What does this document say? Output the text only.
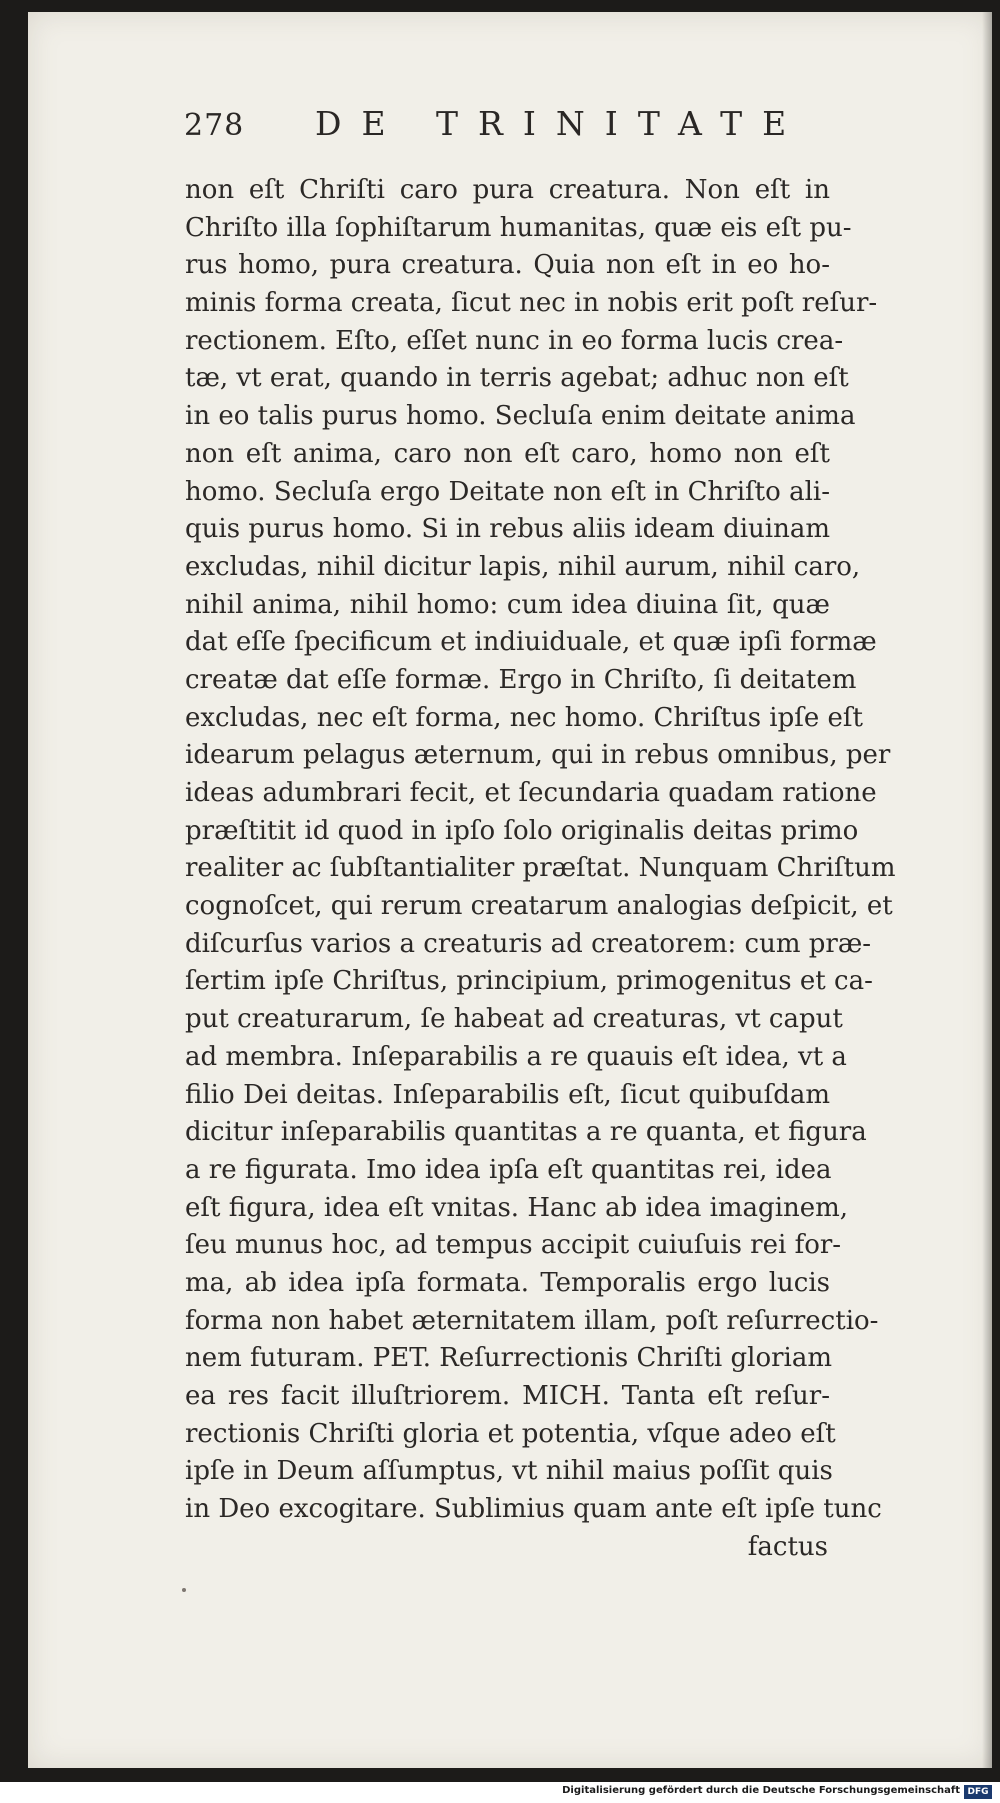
278 DE TRINITATE
non eſt Chriſti caro pura creatura. Non eſt in
Chriſto illa ſophiſtarum humanitas, quæ eis eſt pu-
rus homo, pura creatura. Quia non eſt in eo ho-
minis forma creata, ſicut nec in nobis erit poſt reſur-
rectionem. Eſto, eſſet nunc in eo forma lucis crea-
tæ, vt erat, quando in terris agebat; adhuc non eſt
in eo talis purus homo. Secluſa enim deitate anima
non eſt anima, caro non eſt caro, homo non eſt
homo. Secluſa ergo Deitate non eſt in Chriſto ali-
quis purus homo. Si in rebus aliis ideam diuinam
excludas, nihil dicitur lapis, nihil aurum, nihil caro,
nihil anima, nihil homo: cum idea diuina ſit, quæ
dat eſſe ſpecificum et indiuiduale, et quæ ipſi formæ
creatæ dat eſſe formæ. Ergo in Chriſto, ſi deitatem
excludas, nec eſt forma, nec homo. Chriſtus ipſe eſt
idearum pelagus æternum, qui in rebus omnibus, per
ideas adumbrari fecit, et ſecundaria quadam ratione
præſtitit id quod in ipſo ſolo originalis deitas primo
realiter ac ſubſtantialiter præſtat. Nunquam Chriſtum
cognoſcet, qui rerum creatarum analogias deſpicit, et
diſcurſus varios a creaturis ad creatorem: cum præ-
ſertim ipſe Chriſtus, principium, primogenitus et ca-
put creaturarum, ſe habeat ad creaturas, vt caput
ad membra. Inſeparabilis a re quauis eſt idea, vt a
filio Dei deitas. Inſeparabilis eſt, ſicut quibuſdam
dicitur inſeparabilis quantitas a re quanta, et figura
a re figurata. Imo idea ipſa eſt quantitas rei, idea
eſt figura, idea eſt vnitas. Hanc ab idea imaginem,
ſeu munus hoc, ad tempus accipit cuiuſuis rei for-
ma, ab idea ipſa formata. Temporalis ergo lucis
forma non habet æternitatem illam, poſt reſurrectio-
nem futuram. PET. Reſurrectionis Chriſti gloriam
ea res facit illuſtriorem. MICH. Tanta eſt reſur-
rectionis Chriſti gloria et potentia, vſque adeo eſt
ipſe in Deum aſſumptus, vt nihil maius poſſit quis
in Deo excogitare. Sublimius quam ante eſt ipſe tunc
factus
Digitalisierung gefördert durch die Deutsche Forschungsgemeinschaft DFG
